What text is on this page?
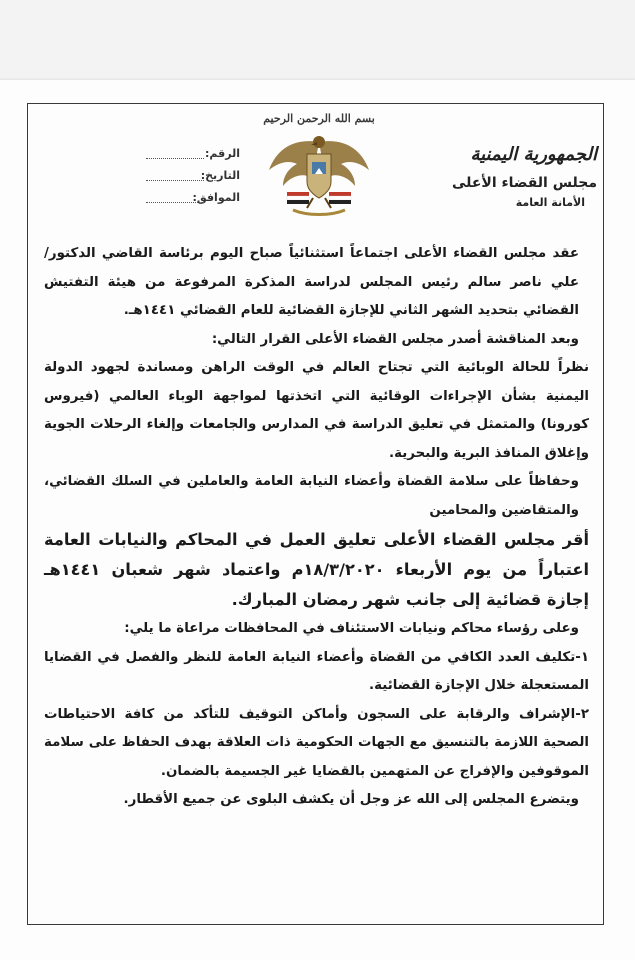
بسم الله الرحمن الرحيم
الجمهورية اليمنية
مجلس القضاء الأعلى
الأمانة العامة
الرقم:
التاريخ:
الموافق:

عقد مجلس القضاء الأعلى اجتماعاً استثنائياً صباح اليوم برئاسة القاضي الدكتور/ علي ناصر سالم رئيس المجلس لدراسة المذكرة المرفوعة من هيئة التفتيش القضائي بتحديد الشهر الثاني للإجازة القضائية للعام القضائي ١٤٤١هـ.

وبعد المناقشة أصدر مجلس القضاء الأعلى القرار التالي:

نظراً للحالة الوبائية التي تجتاح العالم في الوقت الراهن ومساندة لجهود الدولة اليمنية بشأن الإجراءات الوقائية التي اتخذتها لمواجهة الوباء العالمي (فيروس كورونا) والمتمثل في تعليق الدراسة في المدارس والجامعات وإلغاء الرحلات الجوية وإغلاق المنافذ البرية والبحرية.

وحفاظاً على سلامة القضاة وأعضاء النيابة العامة والعاملين في السلك القضائي، والمتقاضين والمحامين

أقر مجلس القضاء الأعلى تعليق العمل في المحاكم والنيابات العامة اعتباراً من يوم الأربعاء ١٨/٣/٢٠٢٠م واعتماد شهر شعبان ١٤٤١هـ إجازة قضائية إلى جانب شهر رمضان المبارك.

وعلى رؤساء محاكم ونيابات الاستئناف في المحافظات مراعاة ما يلي:

١-تكليف العدد الكافي من القضاة وأعضاء النيابة العامة للنظر والفصل في القضايا المستعجلة خلال الإجازة القضائية.

٢-الإشراف والرقابة على السجون وأماكن التوقيف للتأكد من كافة الاحتياطات الصحية اللازمة بالتنسيق مع الجهات الحكومية ذات العلاقة بهدف الحفاظ على سلامة الموقوفين والإفراج عن المتهمين بالقضايا غير الجسيمة بالضمان.

ويتضرع المجلس إلى الله عز وجل أن يكشف البلوى عن جميع الأقطار.
